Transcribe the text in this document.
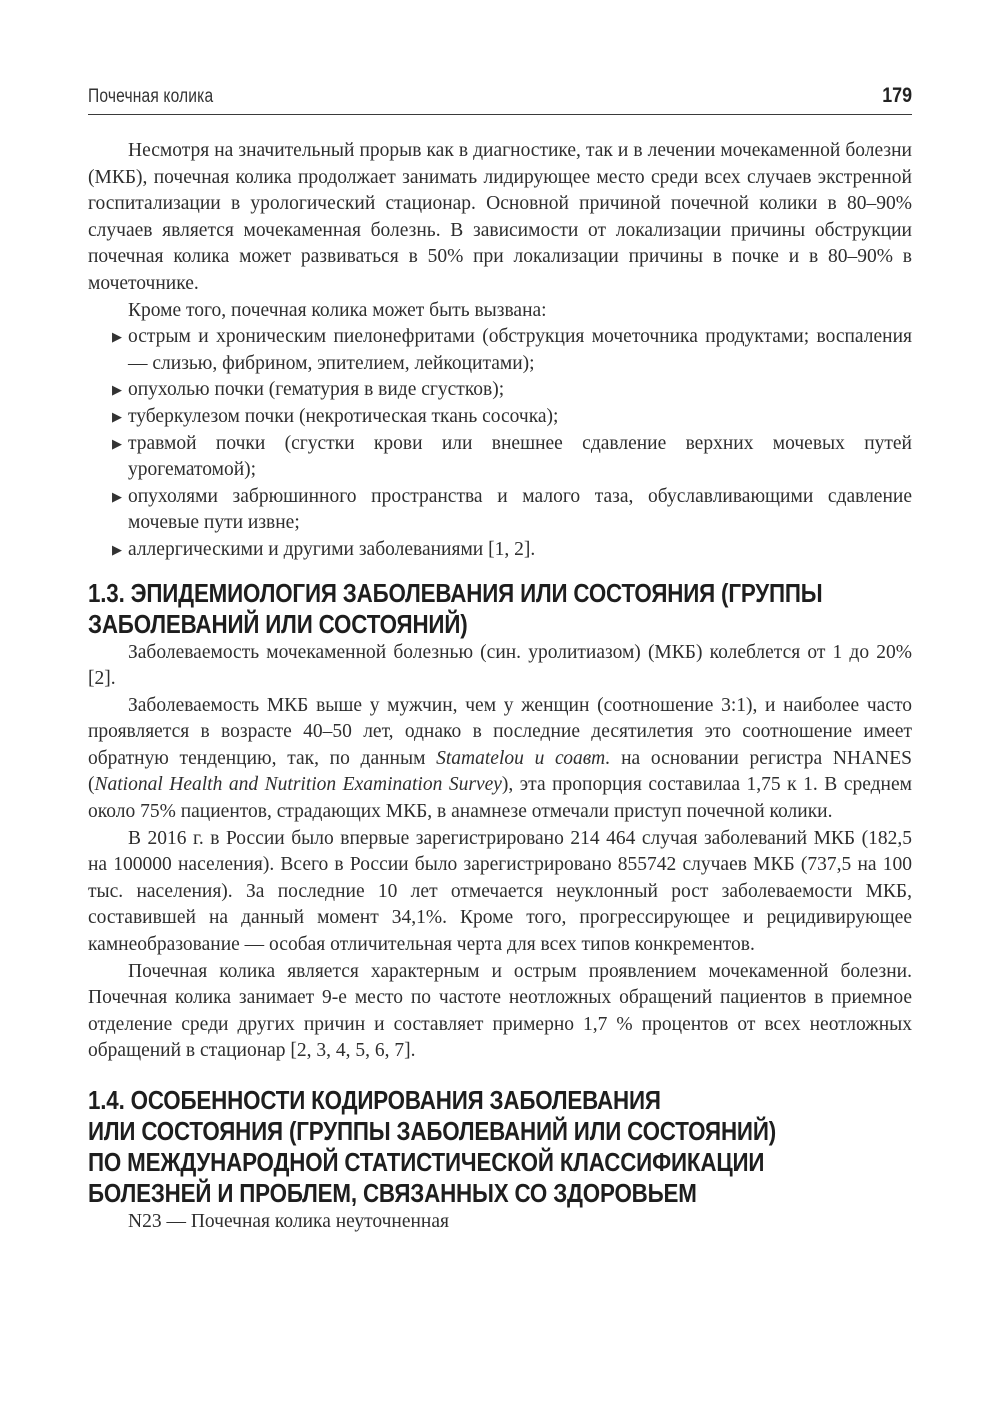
Почечная колика	179

Несмотря на значительный прорыв как в диагностике, так и в лечении мочекаменной болезни (МКБ), почечная колика продолжает занимать лидирующее место среди всех случаев экстренной госпитализации в урологический стационар. Основной причиной почечной колики в 80–90% случаев является мочекаменная болезнь. В зависимости от локализации причины обструкции почечная колика может развиваться в 50% при локализации причины в почке и в 80–90% в мочеточнике.

Кроме того, почечная колика может быть вызвана:

▶ острым и хроническим пиелонефритами (обструкция мочеточника продуктами; воспаления — слизью, фибрином, эпителием, лейкоцитами);
▶ опухолью почки (гематурия в виде сгустков);
▶ туберкулезом почки (некротическая ткань сосочка);
▶ травмой почки (сгустки крови или внешнее сдавление верхних мочевых путей урогематомой);
▶ опухолями забрюшинного пространства и малого таза, обуславливающими сдавление мочевые пути извне;
▶ аллергическими и другими заболеваниями [1, 2].
1.3. ЭПИДЕМИОЛОГИЯ ЗАБОЛЕВАНИЯ ИЛИ СОСТОЯНИЯ (ГРУППЫ ЗАБОЛЕВАНИЙ ИЛИ СОСТОЯНИЙ)

Заболеваемость мочекаменной болезнью (син. уролитиазом) (МКБ) колеблется от 1 до 20% [2].

Заболеваемость МКБ выше у мужчин, чем у женщин (соотношение 3:1), и наиболее часто проявляется в возрасте 40–50 лет, однако в последние десятилетия это соотношение имеет обратную тенденцию, так, по данным Stamatelou и соавт. на основании регистра NHANES (National Health and Nutrition Examination Survey), эта пропорция составилаа 1,75 к 1. В среднем около 75% пациентов, страдающих МКБ, в анамнезе отмечали приступ почечной колики.

В 2016 г. в России было впервые зарегистрировано 214 464 случая заболеваний МКБ (182,5 на 100000 населения). Всего в России было зарегистрировано 855742 случаев МКБ (737,5 на 100 тыс. населения). За последние 10 лет отмечается неуклонный рост заболеваемости МКБ, составившей на данный момент 34,1%. Кроме того, прогрессирующее и рецидивирующее камнеобразование — особая отличительная черта для всех типов конкрементов.

Почечная колика является характерным и острым проявлением мочекаменной болезни. Почечная колика занимает 9-е место по частоте неотложных обращений пациентов в приемное отделение среди других причин и составляет примерно 1,7 % процентов от всех неотложных обращений в стационар [2, 3, 4, 5, 6, 7].

1.4. ОСОБЕННОСТИ КОДИРОВАНИЯ ЗАБОЛЕВАНИЯ
ИЛИ СОСТОЯНИЯ (ГРУППЫ ЗАБОЛЕВАНИЙ ИЛИ СОСТОЯНИЙ)
ПО МЕЖДУНАРОДНОЙ СТАТИСТИЧЕСКОЙ КЛАССИФИКАЦИИ
БОЛЕЗНЕЙ И ПРОБЛЕМ, СВЯЗАННЫХ СО ЗДОРОВЬЕМ

N23 — Почечная колика неуточненная
